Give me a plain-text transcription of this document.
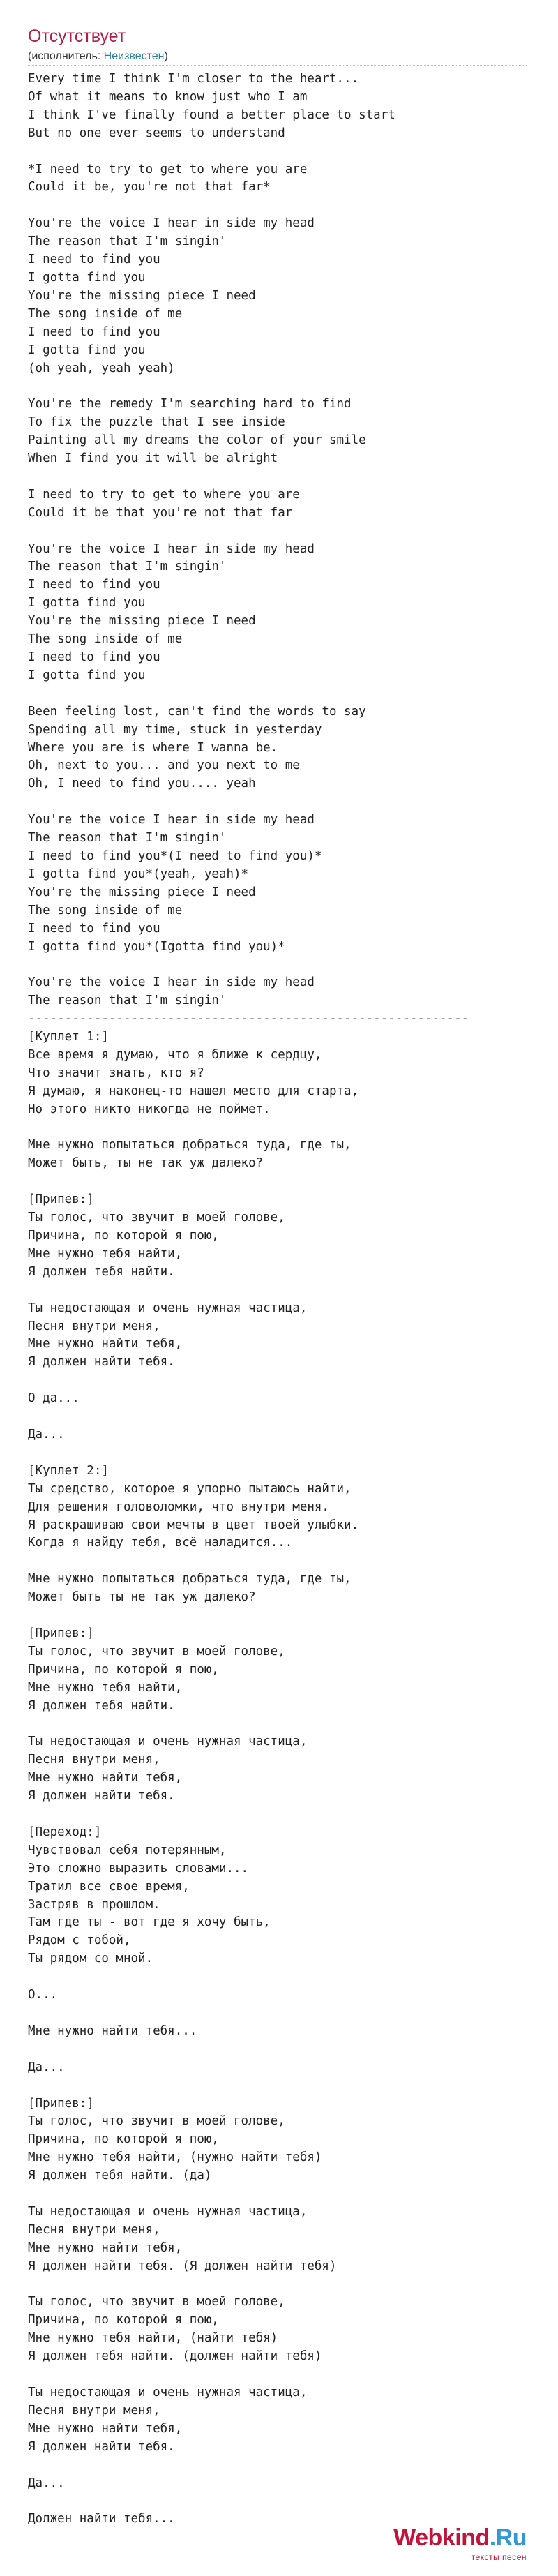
Отсутствует
(исполнитель: Неизвестен)
Every time I think I'm closer to the heart...
Of what it means to know just who I am
I think I've finally found a better place to start
But no one ever seems to understand

*I need to try to get to where you are
Could it be, you're not that far*

You're the voice I hear in side my head
The reason that I'm singin'
I need to find you
I gotta find you
You're the missing piece I need
The song inside of me
I need to find you
I gotta find you
(oh yeah, yeah yeah)

You're the remedy I'm searching hard to find
To fix the puzzle that I see inside
Painting all my dreams the color of your smile
When I find you it will be alright

I need to try to get to where you are
Could it be that you're not that far

You're the voice I hear in side my head
The reason that I'm singin'
I need to find you
I gotta find you
You're the missing piece I need
The song inside of me
I need to find you
I gotta find you

Been feeling lost, can't find the words to say
Spending all my time, stuck in yesterday
Where you are is where I wanna be.
Oh, next to you... and you next to me
Oh, I need to find you.... yeah

You're the voice I hear in side my head
The reason that I'm singin'
I need to find you*(I need to find you)*
I gotta find you*(yeah, yeah)*
You're the missing piece I need
The song inside of me
I need to find you
I gotta find you*(Igotta find you)*

You're the voice I hear in side my head
The reason that I'm singin'
------------------------------------------------------------
[Куплет 1:]
Все время я думаю, что я ближе к сердцу,
Что значит знать, кто я?
Я думаю, я наконец-то нашел место для старта,
Но этого никто никогда не поймет.

Мне нужно попытаться добраться туда, где ты,
Может быть, ты не так уж далеко?

[Припев:]
Ты голос, что звучит в моей голове,
Причина, по которой я пою,
Мне нужно тебя найти,
Я должен тебя найти.

Ты недостающая и очень нужная частица,
Песня внутри меня,
Мне нужно найти тебя,
Я должен найти тебя.

О да...

Да...

[Куплет 2:]
Ты средство, которое я упорно пытаюсь найти,
Для решения головоломки, что внутри меня.
Я раскрашиваю свои мечты в цвет твоей улыбки.
Когда я найду тебя, всё наладится...

Мне нужно попытаться добраться туда, где ты,
Может быть ты не так уж далеко?

[Припев:]
Ты голос, что звучит в моей голове,
Причина, по которой я пою,
Мне нужно тебя найти,
Я должен тебя найти.

Ты недостающая и очень нужная частица,
Песня внутри меня,
Мне нужно найти тебя,
Я должен найти тебя.

[Переход:]
Чувствовал себя потерянным,
Это сложно выразить словами...
Тратил все свое время,
Застряв в прошлом.
Там где ты - вот где я хочу быть,
Рядом с тобой,
Ты рядом со мной.

О...

Мне нужно найти тебя...

Да...

[Припев:]
Ты голос, что звучит в моей голове,
Причина, по которой я пою,
Мне нужно тебя найти, (нужно найти тебя)
Я должен тебя найти. (да)

Ты недостающая и очень нужная частица,
Песня внутри меня,
Мне нужно найти тебя,
Я должен найти тебя. (Я должен найти тебя)

Ты голос, что звучит в моей голове,
Причина, по которой я пою,
Мне нужно тебя найти, (найти тебя)
Я должен тебя найти. (должен найти тебя)

Ты недостающая и очень нужная частица,
Песня внутри меня,
Мне нужно найти тебя,
Я должен найти тебя.

Да...

Должен найти тебя...

Webkind.Ru
тексты песен
